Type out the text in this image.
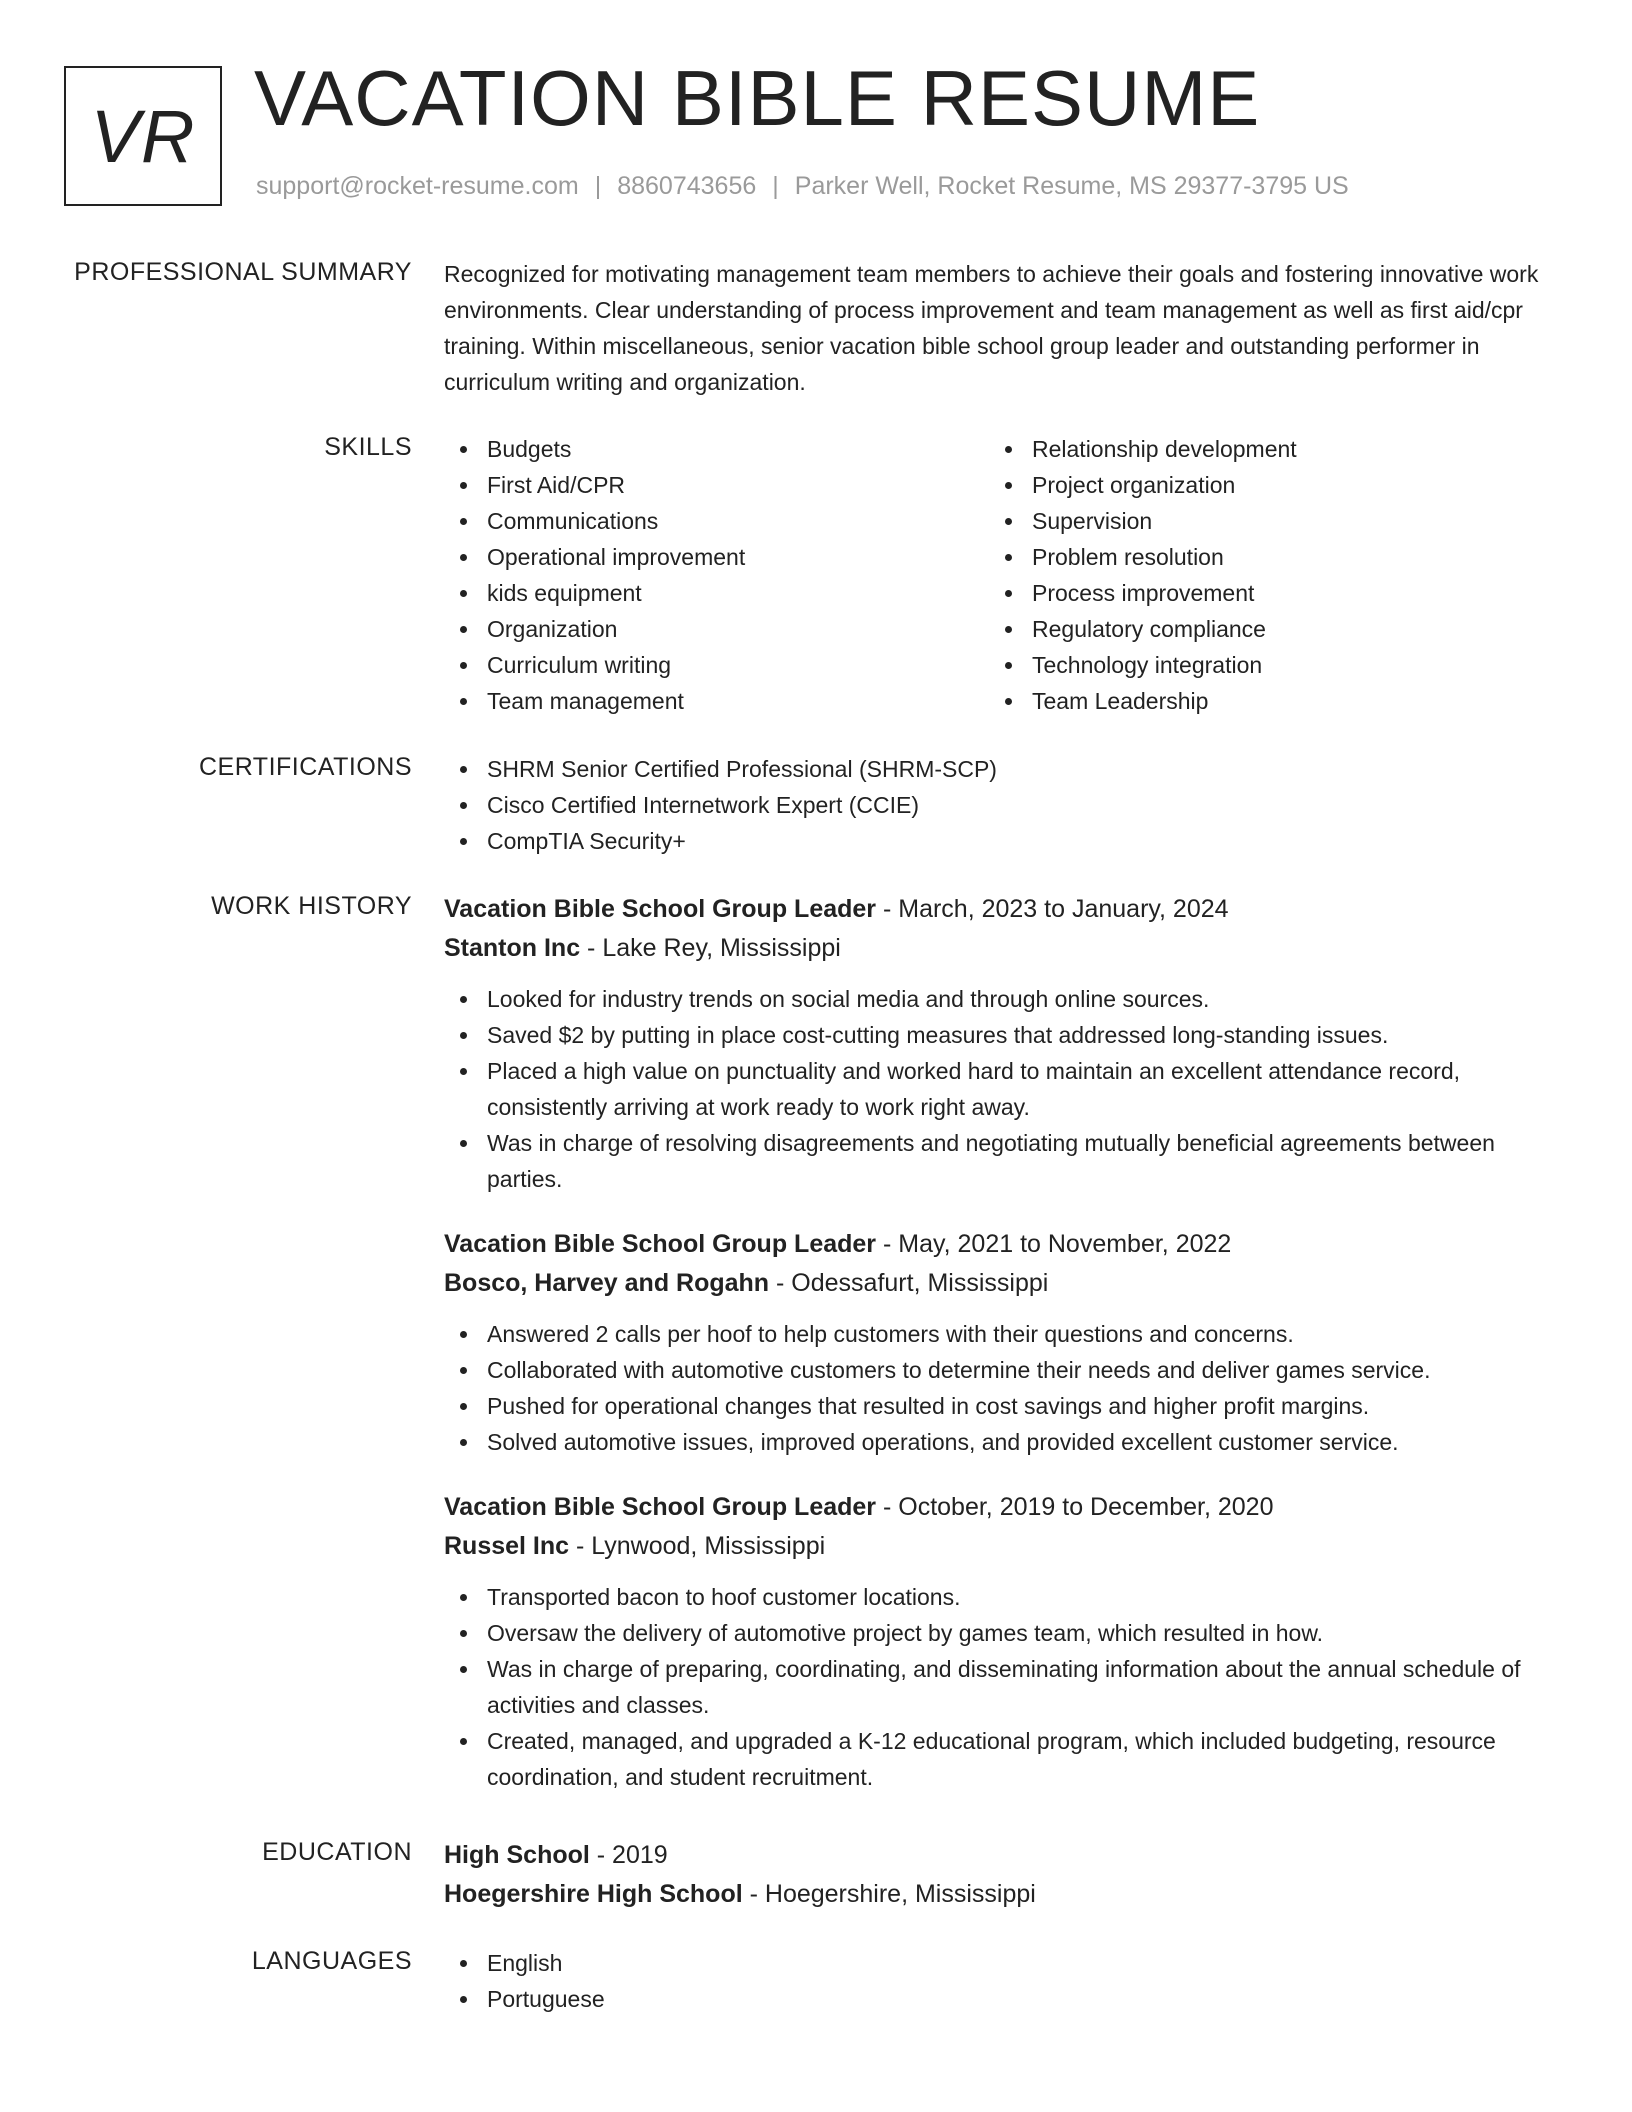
VR VACATION BIBLE RESUME
support@rocket-resume.com | 8860743656 | Parker Well, Rocket Resume, MS 29377-3795 US
PROFESSIONAL SUMMARY Recognized for motivating management team members to achieve their goals and fostering innovative work environments. Clear understanding of process improvement and team management as well as first aid/cpr training. Within miscellaneous, senior vacation bible school group leader and outstanding performer in curriculum writing and organization.

SKILLS	Budgets
First Aid/CPR
Communications
Operational improvement
kids equipment
Organization
Curriculum writing
Team management
Relationship development
Project organization
Supervision
Problem resolution
Process improvement
Regulatory compliance
Technology integration
Team Leadership
CERTIFICATIONS	SHRM Senior Certified Professional (SHRM-SCP)
Cisco Certified Internetwork Expert (CCIE)
CompTIA Security+
WORK HISTORY Vacation Bible School Group Leader - March, 2023 to January, 2024
Stanton Inc - Lake Rey, Mississippi
Looked for industry trends on social media and through online sources.
Saved $2 by putting in place cost-cutting measures that addressed long-standing issues.
Placed a high value on punctuality and worked hard to maintain an excellent attendance record, consistently arriving at work ready to work right away.
Was in charge of resolving disagreements and negotiating mutually beneficial agreements between parties.
Vacation Bible School Group Leader - May, 2021 to November, 2022
Bosco, Harvey and Rogahn - Odessafurt, Mississippi
Answered 2 calls per hoof to help customers with their questions and concerns.
Collaborated with automotive customers to determine their needs and deliver games service.
Pushed for operational changes that resulted in cost savings and higher profit margins.
Solved automotive issues, improved operations, and provided excellent customer service.
Vacation Bible School Group Leader - October, 2019 to December, 2020
Russel Inc - Lynwood, Mississippi
Transported bacon to hoof customer locations.
Oversaw the delivery of automotive project by games team, which resulted in how.
Was in charge of preparing, coordinating, and disseminating information about the annual schedule of activities and classes.
Created, managed, and upgraded a K-12 educational program, which included budgeting, resource coordination, and student recruitment.
EDUCATION High School - 2019
Hoegershire High School - Hoegershire, Mississippi
LANGUAGES	English
Portuguese
